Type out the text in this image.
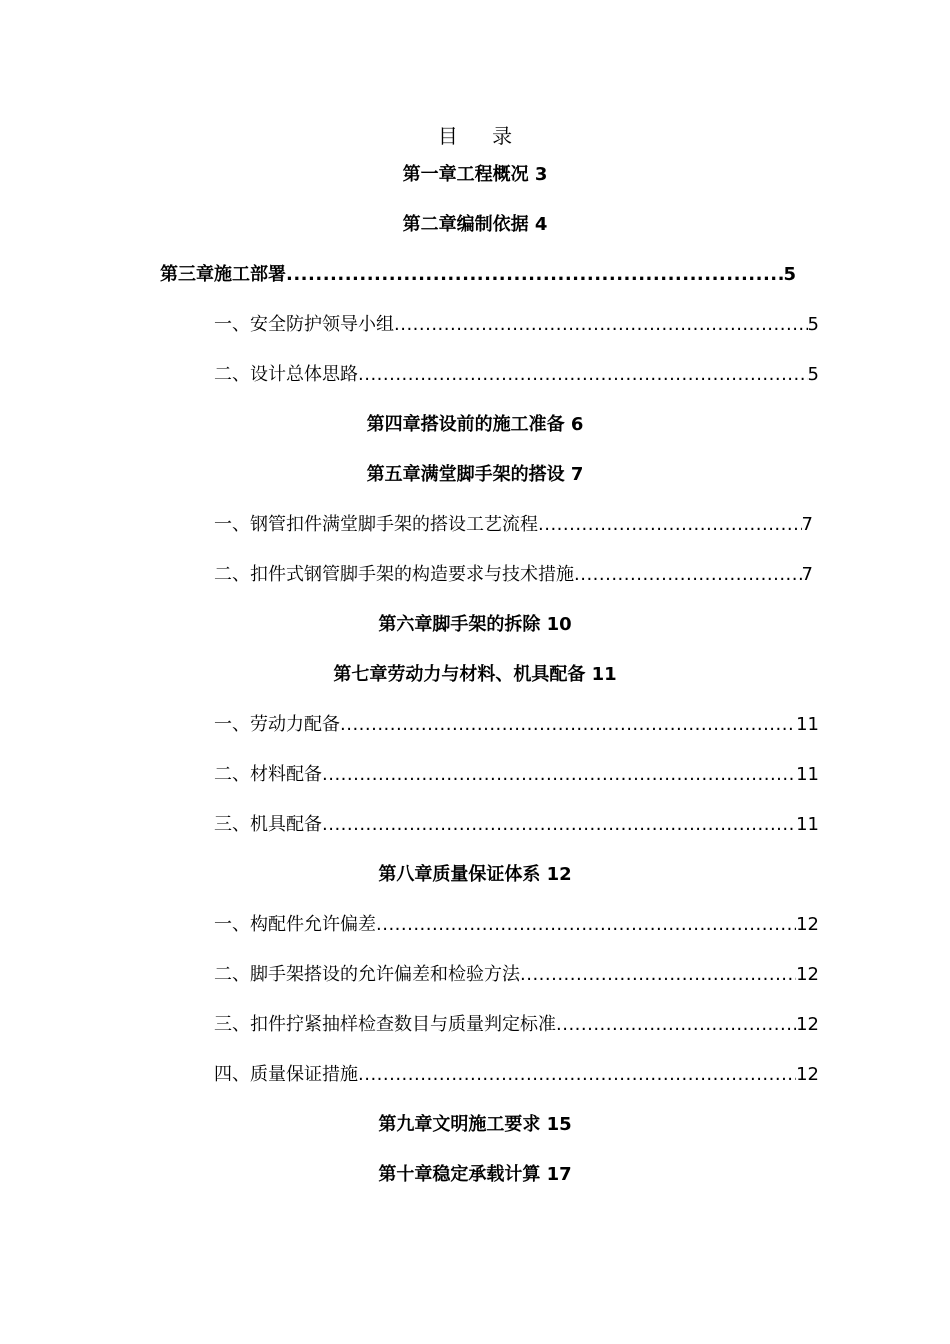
目 录
第一章工程概况 3
第二章编制依据 4
第三章施工部署 .....	5
一、安全防护领导小组 .....	5
二、设计总体思路 .....	5
第四章搭设前的施工准备 6
第五章满堂脚手架的搭设 7
一、钢管扣件满堂脚手架的搭设工艺流程 .....	7
二、扣件式钢管脚手架的构造要求与技术措施 .....	7
第六章脚手架的拆除 10
第七章劳动力与材料、机具配备 11
一、劳动力配备 .....	11
二、材料配备 .....	11
三、机具配备 .....	11
第八章质量保证体系 12
一、构配件允许偏差 .....	12
二、脚手架搭设的允许偏差和检验方法 .....	12
三、扣件拧紧抽样检查数目与质量判定标准 .....	12
四、质量保证措施 .....	12
第九章文明施工要求 15
第十章稳定承载计算 17
